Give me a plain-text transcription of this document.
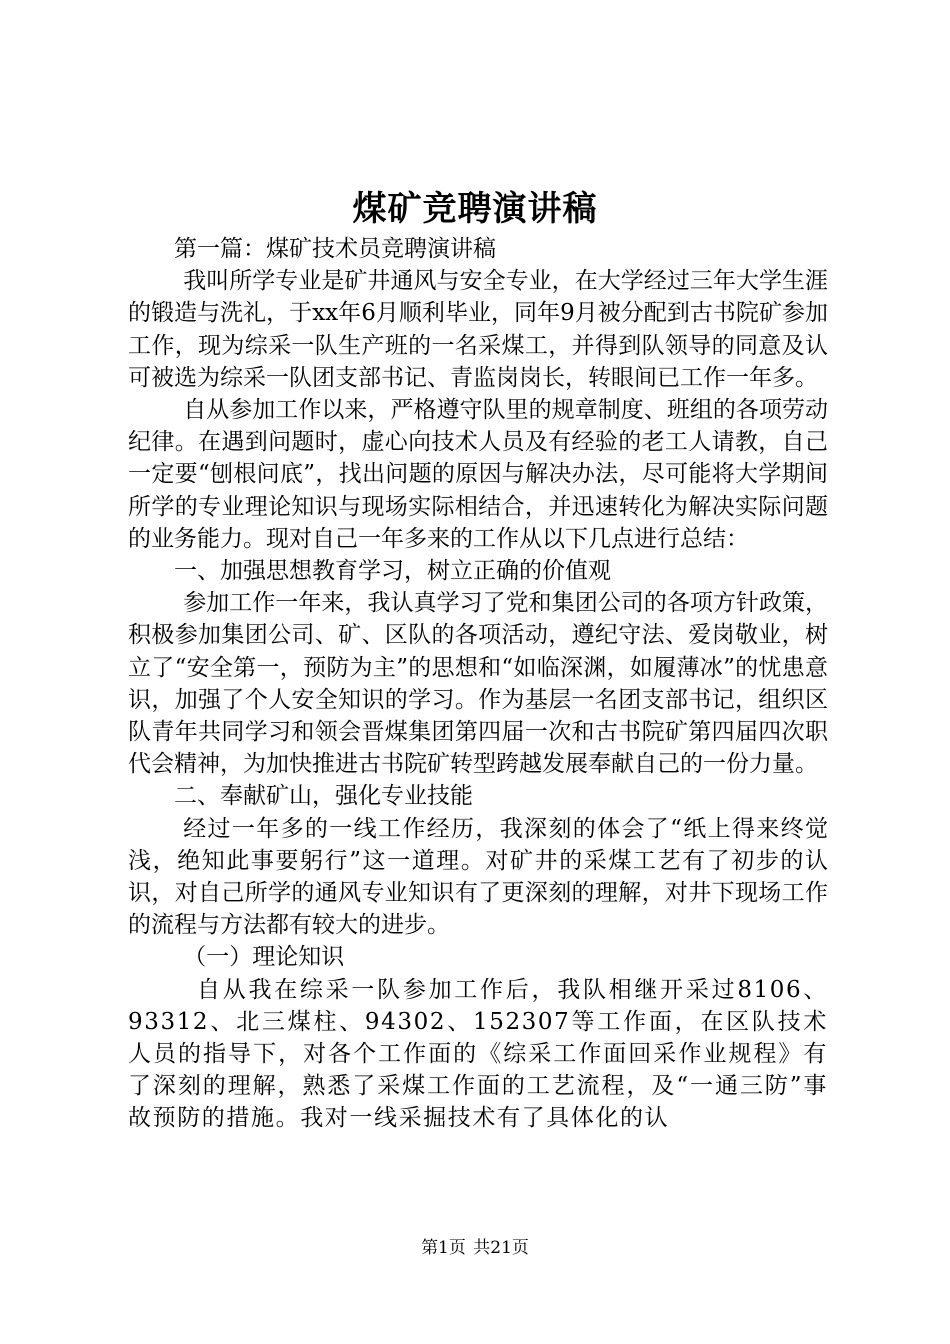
煤矿竞聘演讲稿

第一篇：煤矿技术员竞聘演讲稿

我叫所学专业是矿井通风与安全专业，在大学经过三年大学生涯的锻造与洗礼，于xx年6月顺利毕业，同年9月被分配到古书院矿参加工作，现为综采一队生产班的一名采煤工，并得到队领导的同意及认可被选为综采一队团支部书记、青监岗岗长，转眼间已工作一年多。

自从参加工作以来，严格遵守队里的规章制度、班组的各项劳动纪律。在遇到问题时，虚心向技术人员及有经验的老工人请教，自己一定要“刨根问底”，找出问题的原因与解决办法，尽可能将大学期间所学的专业理论知识与现场实际相结合，并迅速转化为解决实际问题的业务能力。现对自己一年多来的工作从以下几点进行总结：

一、加强思想教育学习，树立正确的价值观

参加工作一年来，我认真学习了党和集团公司的各项方针政策，积极参加集团公司、矿、区队的各项活动，遵纪守法、爱岗敬业，树立了“安全第一，预防为主”的思想和“如临深渊，如履薄冰”的忧患意识，加强了个人安全知识的学习。作为基层一名团支部书记，组织区队青年共同学习和领会晋煤集团第四届一次和古书院矿第四届四次职代会精神，为加快推进古书院矿转型跨越发展奉献自己的一份力量。

二、奉献矿山，强化专业技能

经过一年多的一线工作经历，我深刻的体会了“纸上得来终觉浅，绝知此事要躬行”这一道理。对矿井的采煤工艺有了初步的认识，对自己所学的通风专业知识有了更深刻的理解，对井下现场工作的流程与方法都有较大的进步。

（一）理论知识

自从我在综采一队参加工作后，我队相继开采过8106、93312、北三煤柱、94302、152307等工作面，在区队技术人员的指导下，对各个工作面的《综采工作面回采作业规程》有了深刻的理解，熟悉了采煤工作面的工艺流程，及“一通三防”事故预防的措施。我对一线采掘技术有了具体化的认

第1页 共21页
